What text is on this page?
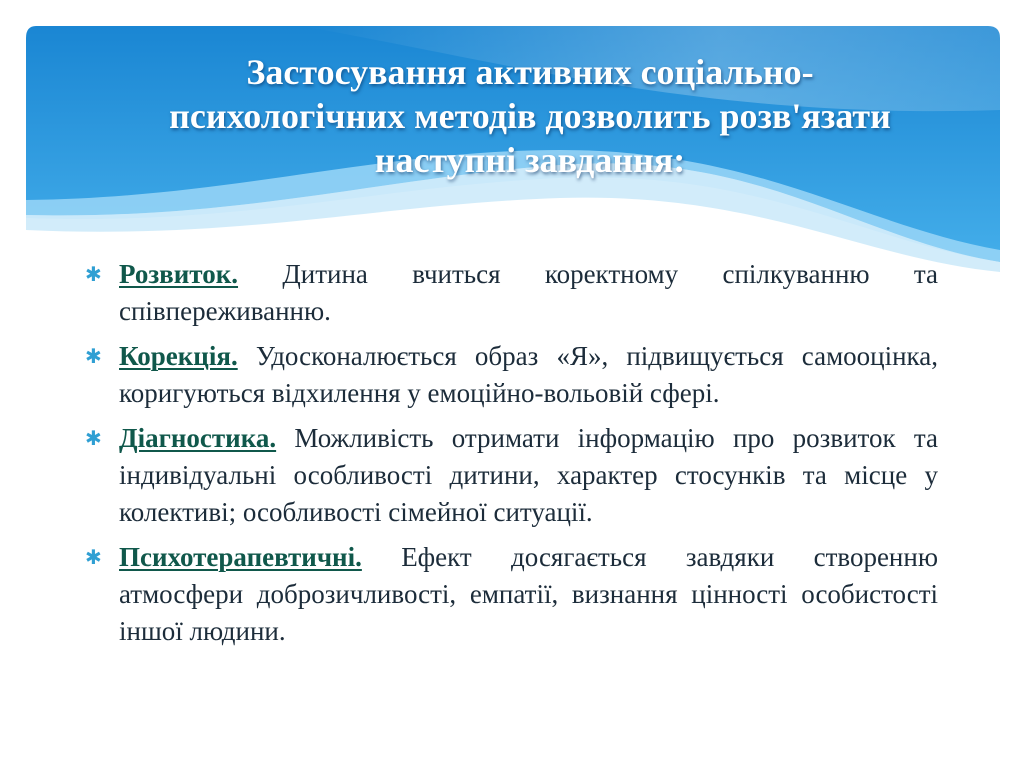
Застосування активних соціально-психологічних методів дозволить розв'язати наступні завдання:
✱ Розвиток. Дитина вчиться коректному спілкуванню та співпереживанню.
✱ Корекція. Удосконалюється образ «Я», підвищується самооцінка, коригуються відхилення у емоційно-вольовій сфері.
✱ Діагностика. Можливість отримати інформацію про розвиток та індивідуальні особливості дитини, характер стосунків та місце у колективі; особливості сімейної ситуації.
✱ Психотерапевтичні. Ефект досягається завдяки створенню атмосфери доброзичливості, емпатії, визнання цінності особистості іншої людини.
